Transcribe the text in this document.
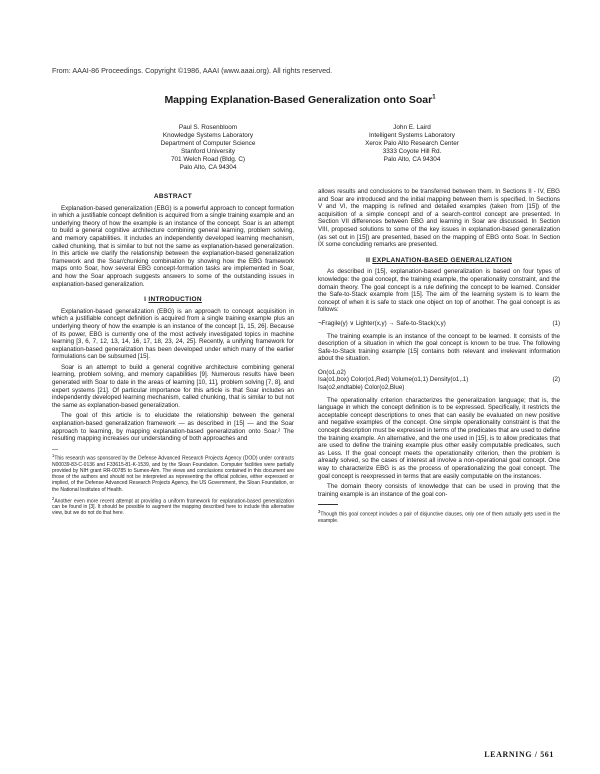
From: AAAI-86 Proceedings. Copyright ©1986, AAAI (www.aaai.org). All rights reserved.
Mapping Explanation-Based Generalization onto Soar$^1$
Paul S. Rosenbloom
Knowledge Systems Laboratory
Department of Computer Science
Stanford University
701 Welch Road (Bldg. C)
Palo Alto, CA 94304
John E. Laird
Intelligent Systems Laboratory
Xerox Palo Alto Research Center
3333 Coyote Hill Rd.
Palo Alto, CA 94304
ABSTRACT

Explanation-based generalization (EBG) is a powerful approach to concept formation in which a justifiable concept definition is acquired from a single training example and an underlying theory of how the example is an instance of the concept. Soar is an attempt to build a general cognitive architecture combining general learning, problem solving, and memory capabilities. It includes an independently developed learning mechanism, called chunking, that is similar to but not the same as explanation-based generalization. In this article we clarify the relationship between the explanation-based generalization framework and the Soar/chunking combination by showing how the EBG framework maps onto Soar, how several EBG concept-formation tasks are implemented in Soar, and how the Soar approach suggests answers to some of the outstanding issues in explanation-based generalization.

I INTRODUCTION

Explanation-based generalization (EBG) is an approach to concept acquisition in which a justifiable concept definition is acquired from a single training example plus an underlying theory of how the example is an instance of the concept [1, 15, 26]. Because of its power, EBG is currently one of the most actively investigated topics in machine learning [3, 6, 7, 12, 13, 14, 16, 17, 18, 23, 24, 25]. Recently, a unifying framework for explanation-based generalization has been developed under which many of the earlier formulations can be subsumed [15].

Soar is an attempt to build a general cognitive architecture combining general learning, problem solving, and memory capabilities [9]. Numerous results have been generated with Soar to date in the areas of learning [10, 11], problem solving [7, 8], and expert systems [21]. Of particular importance for this article is that Soar includes an independently developed learning mechanism, called chunking, that is similar to but not the same as explanation-based generalization.

The goal of this article is to elucidate the relationship between the general explanation-based generalization framework — as described in [15] — and the Soar approach to learning, by mapping explanation-based generalization onto Soar.² The resulting mapping increases our understanding of both approaches and

—
$^1$This research was sponsored by the Defense Advanced Research Projects Agency (DOD) under contracts N00039-83-C-0136 and F33615-81-K-1539, and by the Sloan Foundation. Computer facilities were partially provided by NIH grant RR-00785 to Sumex-Aim. The views and conclusions contained in this document are those of the authors and should not be interpreted as representing the official policies, either expressed or implied, of the Defense Advanced Research Projects Agency, the US Government, the Sloan Foundation, or the National Institutes of Health.
$^2$Another even more recent attempt at providing a uniform framework for explanation-based generalization can be found in [3]. It should be possible to augment the mapping described here to include this alternative view, but we do not do that here.

allows results and conclusions to be transferred between them. In Sections II - IV, EBG and Soar are introduced and the initial mapping between them is specified. In Sections V and VI, the mapping is refined and detailed examples (taken from [15]) of the acquisition of a simple concept and of a search-control concept are presented. In Section VII differences between EBG and learning in Soar are discussed. In Section VIII, proposed solutions to some of the key issues in explanation-based generalization (as set out in [15]) are presented, based on the mapping of EBG onto Soar. In Section IX some concluding remarks are presented.

II EXPLANATION-BASED GENERALIZATION

As described in [15], explanation-based generalization is based on four types of knowledge: the goal concept, the training example, the operationality constraint, and the domain theory. The goal concept is a rule defining the concept to be learned. Consider the Safe-to-Stack example from [15]. The aim of the learning system is to learn the concept of when it is safe to stack one object on top of another. The goal concept is as follows:

¬Fragile(y) ∨ Lighter(x,y) → Safe-to-Stack(x,y)	(1)

The training example is an instance of the concept to be learned. It consists of the description of a situation in which the goal concept is known to be true. The following Safe-to-Stack training example [15] contains both relevant and irrelevant information about the situation.

On(o1,o2)
Isa(o1,box) Color(o1,Red) Volume(o1,1) Density(o1,.1)	(2)
Isa(o2,endtable) Color(o2,Blue)

The operationality criterion characterizes the generalization language; that is, the language in which the concept definition is to be expressed. Specifically, it restricts the acceptable concept descriptions to ones that can easily be evaluated on new positive and negative examples of the concept. One simple operationality constraint is that the concept description must be expressed in terms of the predicates that are used to define the training example. An alternative, and the one used in [15], is to allow predicates that are used to define the training example plus other easily computable predicates, such as Less. If the goal concept meets the operationality criterion, then the problem is already solved, so the cases of interest all involve a non-operational goal concept. One way to characterize EBG is as the process of operationalizing the goal concept. The goal concept is reexpressed in terms that are easily computable on the instances.

The domain theory consists of knowledge that can be used in proving that the training example is an instance of the goal con-

$^3$Though this goal concept includes a pair of disjunctive clauses, only one of them actually gets used in the example.
LEARNING / 561
